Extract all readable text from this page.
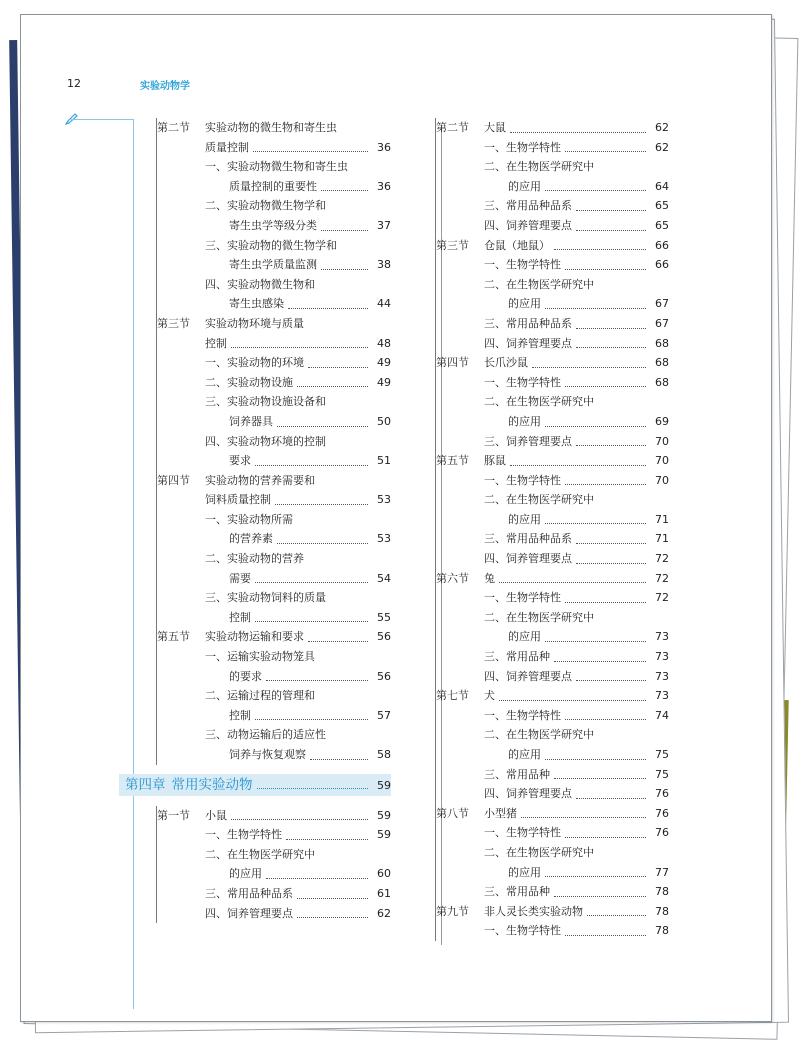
12	实验动物学
第二节	实验动物的微生物和寄生虫
质量控制	36
一、实验动物微生物和寄生虫
质量控制的重要性	36
二、实验动物微生物学和
寄生虫学等级分类	37
三、实验动物的微生物学和
寄生虫学质量监测	38
四、实验动物微生物和
寄生虫感染	44
第三节	实验动物环境与质量
控制	48
一、实验动物的环境	49
二、实验动物设施	49
三、实验动物设施设备和
饲养器具	50
四、实验动物环境的控制
要求	51
第四节	实验动物的营养需要和
饲料质量控制	53
一、实验动物所需
的营养素	53
二、实验动物的营养
需要	54
三、实验动物饲料的质量
控制	55
第五节	实验动物运输和要求	56
一、运输实验动物笼具
的要求	56
二、运输过程的管理和
控制	57
三、动物运输后的适应性
饲养与恢复观察	58
第四章 常用实验动物	59
第一节	小鼠	59
一、生物学特性	59
二、在生物医学研究中
的应用	60
三、常用品种品系	61
四、饲养管理要点	62
第二节	大鼠	62
一、生物学特性	62
二、在生物医学研究中
的应用	64
三、常用品种品系	65
四、饲养管理要点	65
第三节	仓鼠（地鼠）	66
一、生物学特性	66
二、在生物医学研究中
的应用	67
三、常用品种品系	67
四、饲养管理要点	68
第四节	长爪沙鼠	68
一、生物学特性	68
二、在生物医学研究中
的应用	69
三、饲养管理要点	70
第五节	豚鼠	70
一、生物学特性	70
二、在生物医学研究中
的应用	71
三、常用品种品系	71
四、饲养管理要点	72
第六节	兔	72
一、生物学特性	72
二、在生物医学研究中
的应用	73
三、常用品种	73
四、饲养管理要点	73
第七节	犬	73
一、生物学特性	74
二、在生物医学研究中
的应用	75
三、常用品种	75
四、饲养管理要点	76
第八节	小型猪	76
一、生物学特性	76
二、在生物医学研究中
的应用	77
三、常用品种	78
第九节	非人灵长类实验动物	78
一、生物学特性	78
